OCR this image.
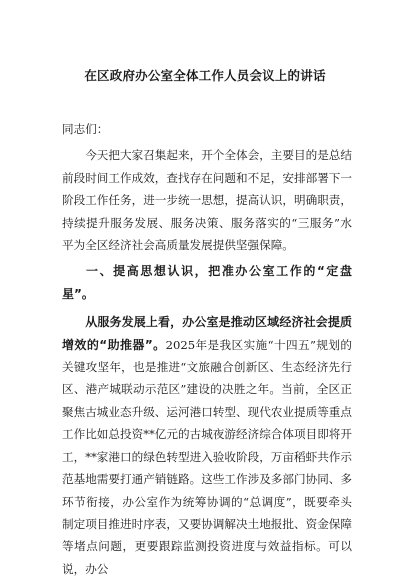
在区政府办公室全体工作人员会议上的讲话

同志们：

今天把大家召集起来，开个全体会，主要目的是总结前段时间工作成效，查找存在问题和不足，安排部署下一阶段工作任务，进一步统一思想，提高认识，明确职责，持续提升服务发展、服务决策、服务落实的“三服务”水平为全区经济社会高质量发展提供坚强保障。

一、提高思想认识，把准办公室工作的“定盘星”。

从服务发展上看，办公室是推动区域经济社会提质增效的“助推器”。2025年是我区实施“十四五”规划的关键攻坚年，也是推进“文旅融合创新区、生态经济先行区、港产城联动示范区”建设的决胜之年。当前，全区正聚焦古城业态升级、运河港口转型、现代农业提质等重点工作比如总投资**亿元的古城夜游经济综合体项目即将开工，**家港口的绿色转型进入验收阶段，万亩稻虾共作示范基地需要打通产销链路。这些工作涉及多部门协同、多环节衔接，办公室作为统筹协调的“总调度”，既要牵头制定项目推进时序表，又要协调解决土地报批、资金保障等堵点问题，更要跟踪监测投资进度与效益指标。可以说，办公
